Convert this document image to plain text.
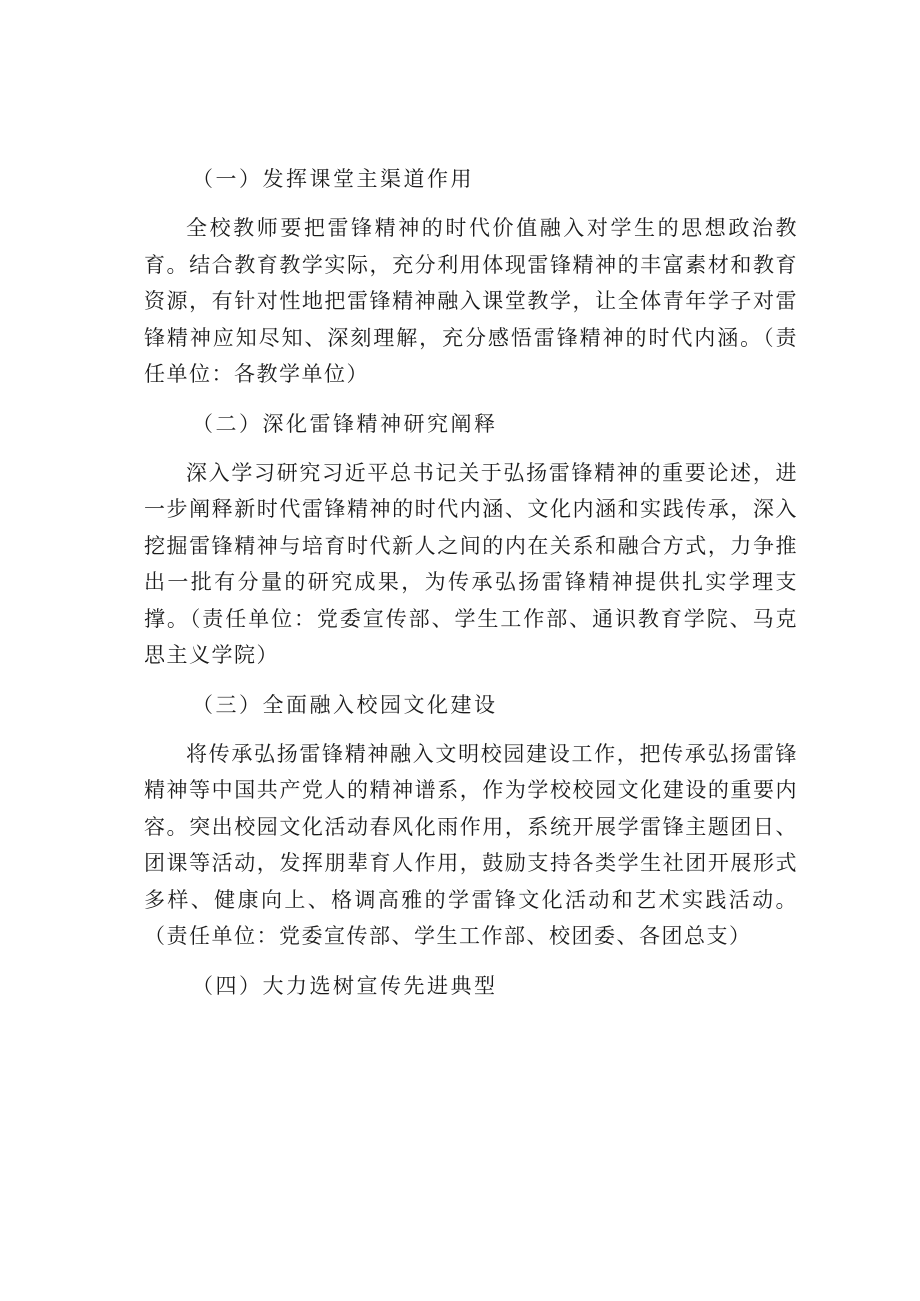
（一）发挥课堂主渠道作用

全校教师要把雷锋精神的时代价值融入对学生的思想政治教育。结合教育教学实际，充分利用体现雷锋精神的丰富素材和教育资源，有针对性地把雷锋精神融入课堂教学，让全体青年学子对雷锋精神应知尽知、深刻理解，充分感悟雷锋精神的时代内涵。（责任单位：各教学单位）

（二）深化雷锋精神研究阐释

深入学习研究习近平总书记关于弘扬雷锋精神的重要论述，进一步阐释新时代雷锋精神的时代内涵、文化内涵和实践传承，深入挖掘雷锋精神与培育时代新人之间的内在关系和融合方式，力争推出一批有分量的研究成果，为传承弘扬雷锋精神提供扎实学理支撑。（责任单位：党委宣传部、学生工作部、通识教育学院、马克思主义学院）

（三）全面融入校园文化建设

将传承弘扬雷锋精神融入文明校园建设工作，把传承弘扬雷锋精神等中国共产党人的精神谱系，作为学校校园文化建设的重要内容。突出校园文化活动春风化雨作用，系统开展学雷锋主题团日、团课等活动，发挥朋辈育人作用，鼓励支持各类学生社团开展形式多样、健康向上、格调高雅的学雷锋文化活动和艺术实践活动。（责任单位：党委宣传部、学生工作部、校团委、各团总支）

（四）大力选树宣传先进典型
